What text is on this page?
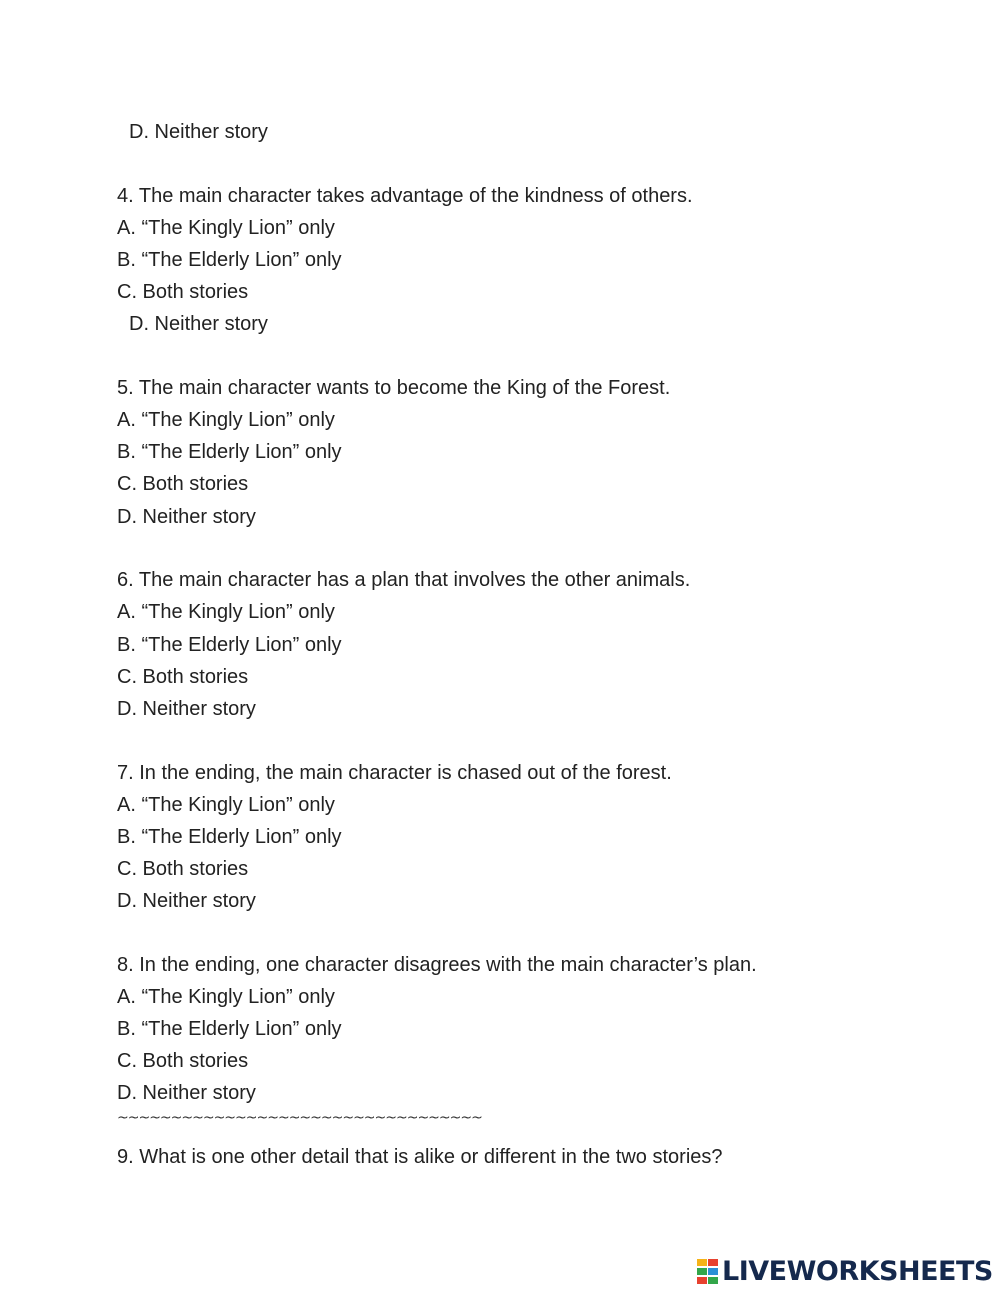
D. Neither story
4. The main character takes advantage of the kindness of others.
A. “The Kingly Lion” only
B. “The Elderly Lion” only
C. Both stories
D. Neither story
5. The main character wants to become the King of the Forest.
A. “The Kingly Lion” only
B. “The Elderly Lion” only
C. Both stories
D. Neither story
6. The main character has a plan that involves the other animals.
A. “The Kingly Lion” only
B. “The Elderly Lion” only
C. Both stories
D. Neither story
7. In the ending, the main character is chased out of the forest.
A. “The Kingly Lion” only
B. “The Elderly Lion” only
C. Both stories
D. Neither story
8. In the ending, one character disagrees with the main character’s plan.
A. “The Kingly Lion” only
B. “The Elderly Lion” only
C. Both stories
D. Neither story
~~~~~~~~~~~~~~~~~~~~~~~~~~~~~~~~~~
9. What is one other detail that is alike or different in the two stories?
LIVEWORKSHEETS
